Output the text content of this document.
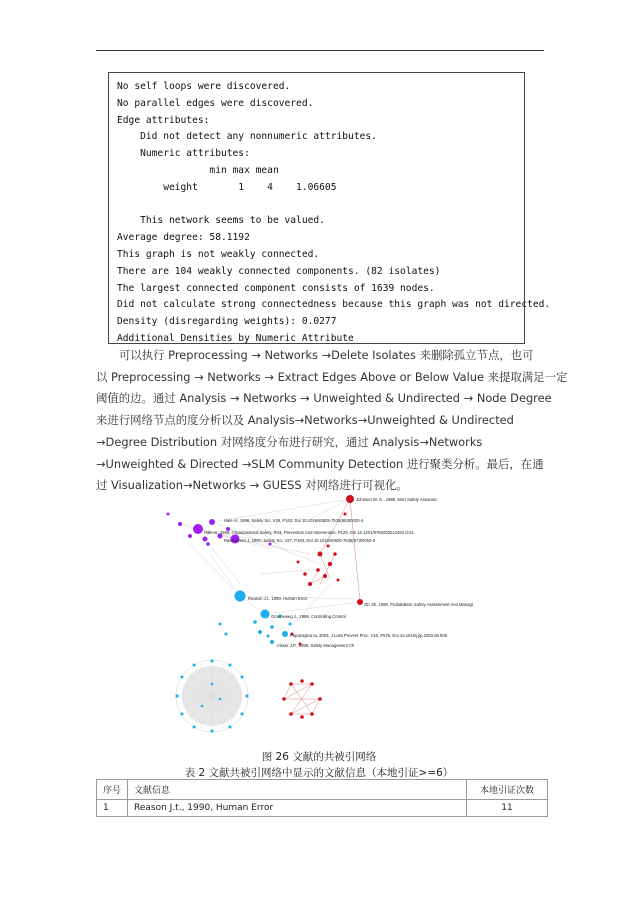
No self loops were discovered.
No parallel edges were discovered.
Edge attributes:
Did not detect any nonnumeric attributes.
Numeric attributes:
min max mean
weight       1    4    1.06605
This network seems to be valued.
Average degree: 58.1192
This graph is not weakly connected.
There are 104 weakly connected components. (82 isolates)
The largest connected component consists of 1639 nodes.
Did not calculate strong connectedness because this graph was not directed.
Density (disregarding weights): 0.0277
Additional Densities by Numeric Attribute
可以执行 Preprocessing → Networks →Delete Isolates 来删除孤立节点，也可
以 Preprocessing → Networks → Extract Edges Above or Below Value 来提取满足一定
阈值的边。通过 Analysis → Networks → Unweighted & Undirected → Node Degree
来进行网络节点的度分析以及 Analysis→Networks→Unweighted & Undirected
→Degree Distribution 对网络度分布进行研究，通过 Analysis→Networks
→Unweighted & Directed →SLM Community Detection 进行聚类分析。最后，在通
过 Visualization→Networks → GUESS 对网络进行可视化。
Johnson W. G., 1980, Mort Safety Assuranc
Hale Ar, 1998, Safety Sci, V29, P163, Doi 10.1016/s0925-7535(98)00020-4
Hale Ar, 1999, Organizational Safety, Risk, Prevention And Intervention, P129, Doi 10.1201/9780203212493.ch11
Rasmussen J, 1997, Safety Sci, V27, P183, Doi 10.1016/s0925-7535(97)00052-0
Reason J.t., 1990, Human Error
Oh Jih, 1998, Probabilistic Safety Assessment And Managt
Groeneweg J., 1998, Controlling Control
Papazoglou Ia, 2003, J Loss Prevent Proc, V16, P575, Doi 10.1016/j.jlp.2003.08.008
Visser J.P., 1998, Safety Management Ch
图 26 文献的共被引网络
表 2 文献共被引网络中显示的文献信息（本地引证>=6）
序号	文献信息	本地引证次数
1	Reason J.t., 1990, Human Error	11
